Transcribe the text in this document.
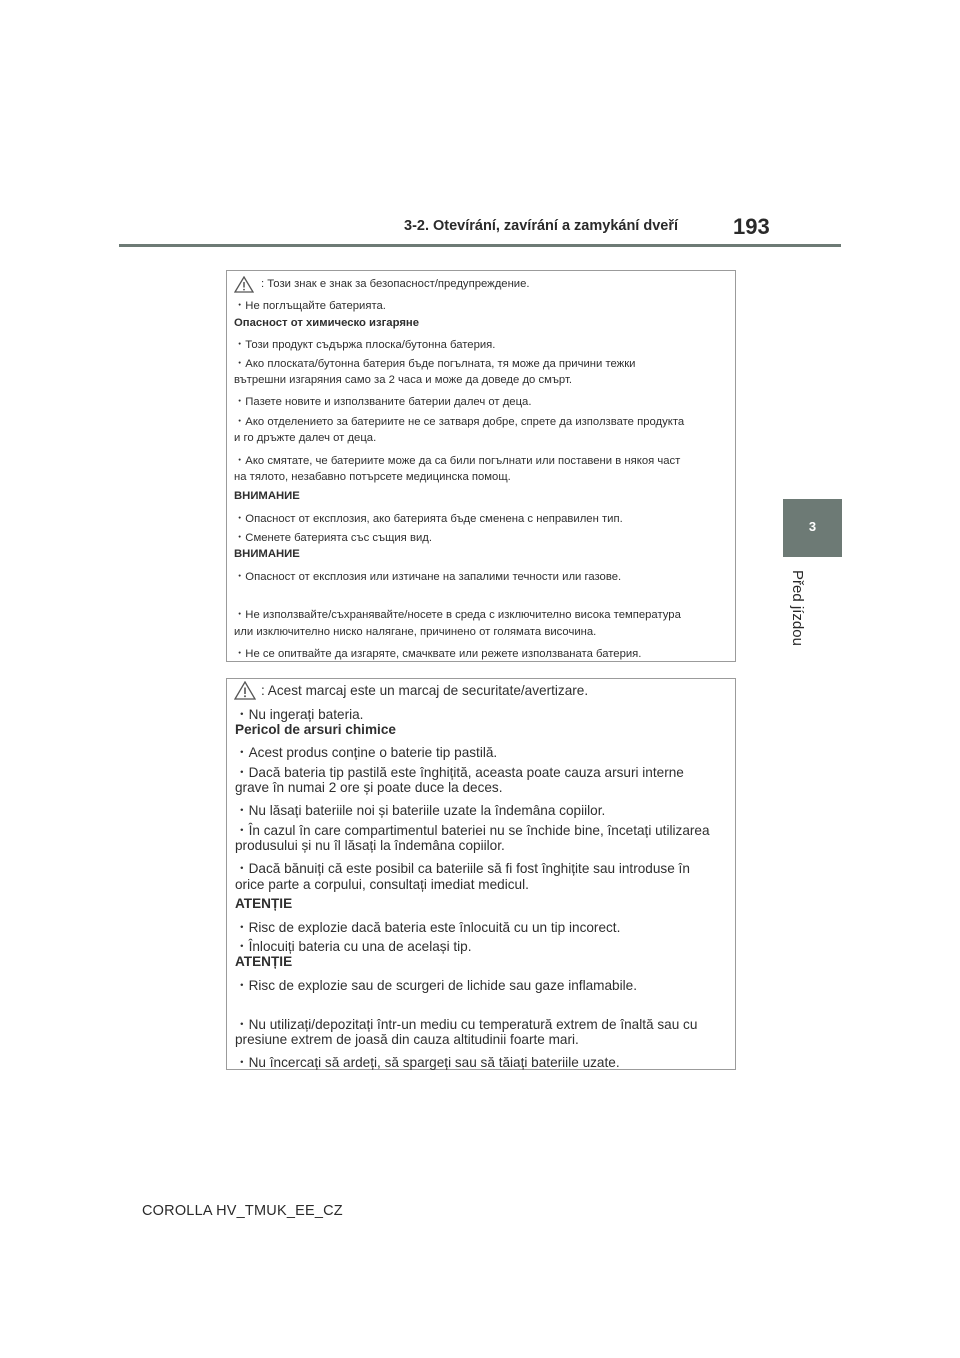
3-2. Otevírání, zavírání a zamykání dveří 193
3
Před jízdou
: Този знак е знак за безопасност/предупреждение.
・Не поглъщайте батерията.
Опасност от химическо изгаряне
・Този продукт съдържа плоска/бутонна батерия.
・Ако плоската/бутонна батерия бъде погълната, тя може да причини тежки
вътрешни изгаряния само за 2 часа и може да доведе до смърт.
・Пазете новите и използваните батерии далеч от деца.
・Ако отделението за батериите не се затваря добре, спрете да използвате продукта
и го дръжте далеч от деца.
・Ако смятате, че батериите може да са били погълнати или поставени в някоя част
на тялото, незабавно потърсете медицинска помощ.
ВНИМАНИЕ
・Опасност от експлозия, ако батерията бъде сменена с неправилен тип.
・Сменете батерията със същия вид.
ВНИМАНИЕ
・Опасност от експлозия или изтичане на запалими течности или газове.
・Не използвайте/съхранявайте/носете в среда с изключително висока температура
или изключително ниско налягане, причинено от голямата височина.
・Не се опитвайте да изгаряте, смачквате или режете използваната батерия.
: Acest marcaj este un marcaj de securitate/avertizare.
・Nu ingerați bateria.
Pericol de arsuri chimice
・Acest produs conține o baterie tip pastilă.
・Dacă bateria tip pastilă este înghițită, aceasta poate cauza arsuri interne
grave în numai 2 ore și poate duce la deces.
・Nu lăsați bateriile noi și bateriile uzate la îndemâna copiilor.
・În cazul în care compartimentul bateriei nu se închide bine, încetați utilizarea
produsului și nu îl lăsați la îndemâna copiilor.
・Dacă bănuiți că este posibil ca bateriile să fi fost înghițite sau introduse în
orice parte a corpului, consultați imediat medicul.
ATENȚIE
・Risc de explozie dacă bateria este înlocuită cu un tip incorect.
・Înlocuiți bateria cu una de același tip.
ATENȚIE
・Risc de explozie sau de scurgeri de lichide sau gaze inflamabile.
・Nu utilizați/depozitați într-un mediu cu temperatură extrem de înaltă sau cu
presiune extrem de joasă din cauza altitudinii foarte mari.
・Nu încercați să ardeți, să spargeți sau să tăiați bateriile uzate.
COROLLA HV_TMUK_EE_CZ
